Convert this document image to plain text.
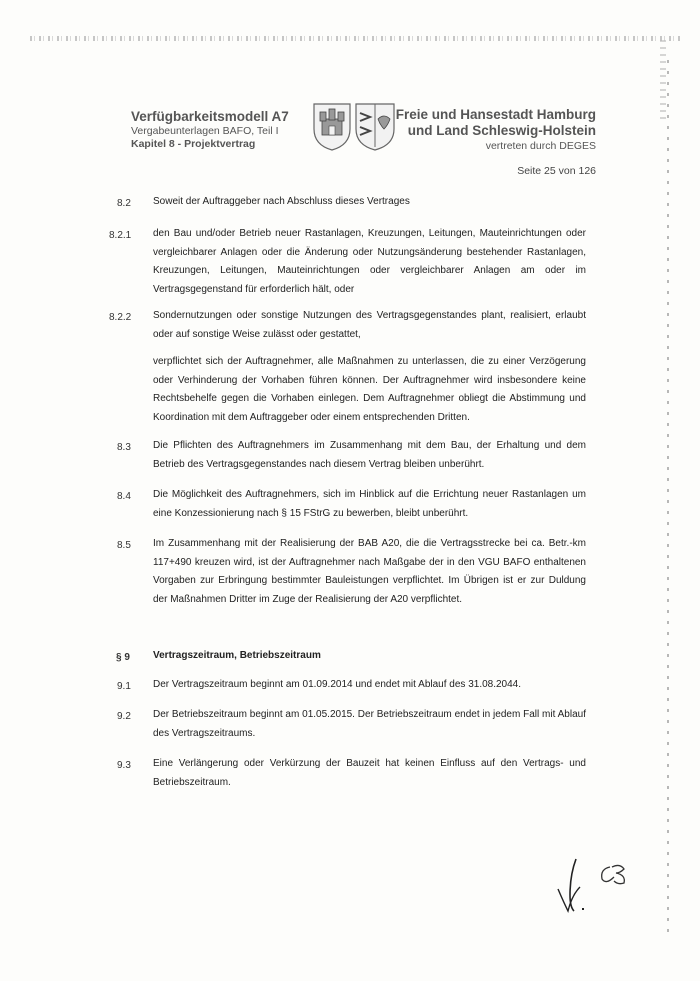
Verfügbarkeitsmodell A7
Vergabeunterlagen BAFO, Teil I
Kapitel 8 - Projektvertrag
Freie und Hansestadt Hamburg
und Land Schleswig-Holstein
vertreten durch DEGES
Seite 25 von 126
8.2 Soweit der Auftraggeber nach Abschluss dieses Vertrages
8.2.1 den Bau und/oder Betrieb neuer Rastanlagen, Kreuzungen, Leitungen, Mauteinrichtungen oder vergleichbarer Anlagen oder die Änderung oder Nutzungsänderung bestehender Rastanlagen, Kreuzungen, Leitungen, Mauteinrichtungen oder vergleichbarer Anlagen am oder im Vertragsgegenstand für erforderlich hält, oder
8.2.2 Sondernutzungen oder sonstige Nutzungen des Vertragsgegenstandes plant, realisiert, erlaubt oder auf sonstige Weise zulässt oder gestattet,
verpflichtet sich der Auftragnehmer, alle Maßnahmen zu unterlassen, die zu einer Verzögerung oder Verhinderung der Vorhaben führen können. Der Auftragnehmer wird insbesondere keine Rechtsbehelfe gegen die Vorhaben einlegen. Dem Auftragnehmer obliegt die Abstimmung und Koordination mit dem Auftraggeber oder einem entsprechenden Dritten.
8.3 Die Pflichten des Auftragnehmers im Zusammenhang mit dem Bau, der Erhaltung und dem Betrieb des Vertragsgegenstandes nach diesem Vertrag bleiben unberührt.
8.4 Die Möglichkeit des Auftragnehmers, sich im Hinblick auf die Errichtung neuer Rastanlagen um eine Konzessionierung nach § 15 FStrG zu bewerben, bleibt unberührt.
8.5 Im Zusammenhang mit der Realisierung der BAB A20, die die Vertragsstrecke bei ca. Betr.-km 117+490 kreuzen wird, ist der Auftragnehmer nach Maßgabe der in den VGU BAFO enthaltenen Vorgaben zur Erbringung bestimmter Bauleistungen verpflichtet. Im Übrigen ist er zur Duldung der Maßnahmen Dritter im Zuge der Realisierung der A20 verpflichtet.
§ 9 Vertragszeitraum, Betriebszeitraum
9.1 Der Vertragszeitraum beginnt am 01.09.2014 und endet mit Ablauf des 31.08.2044.
9.2 Der Betriebszeitraum beginnt am 01.05.2015. Der Betriebszeitraum endet in jedem Fall mit Ablauf des Vertragszeitraums.
9.3 Eine Verlängerung oder Verkürzung der Bauzeit hat keinen Einfluss auf den Vertrags- und Betriebszeitraum.
